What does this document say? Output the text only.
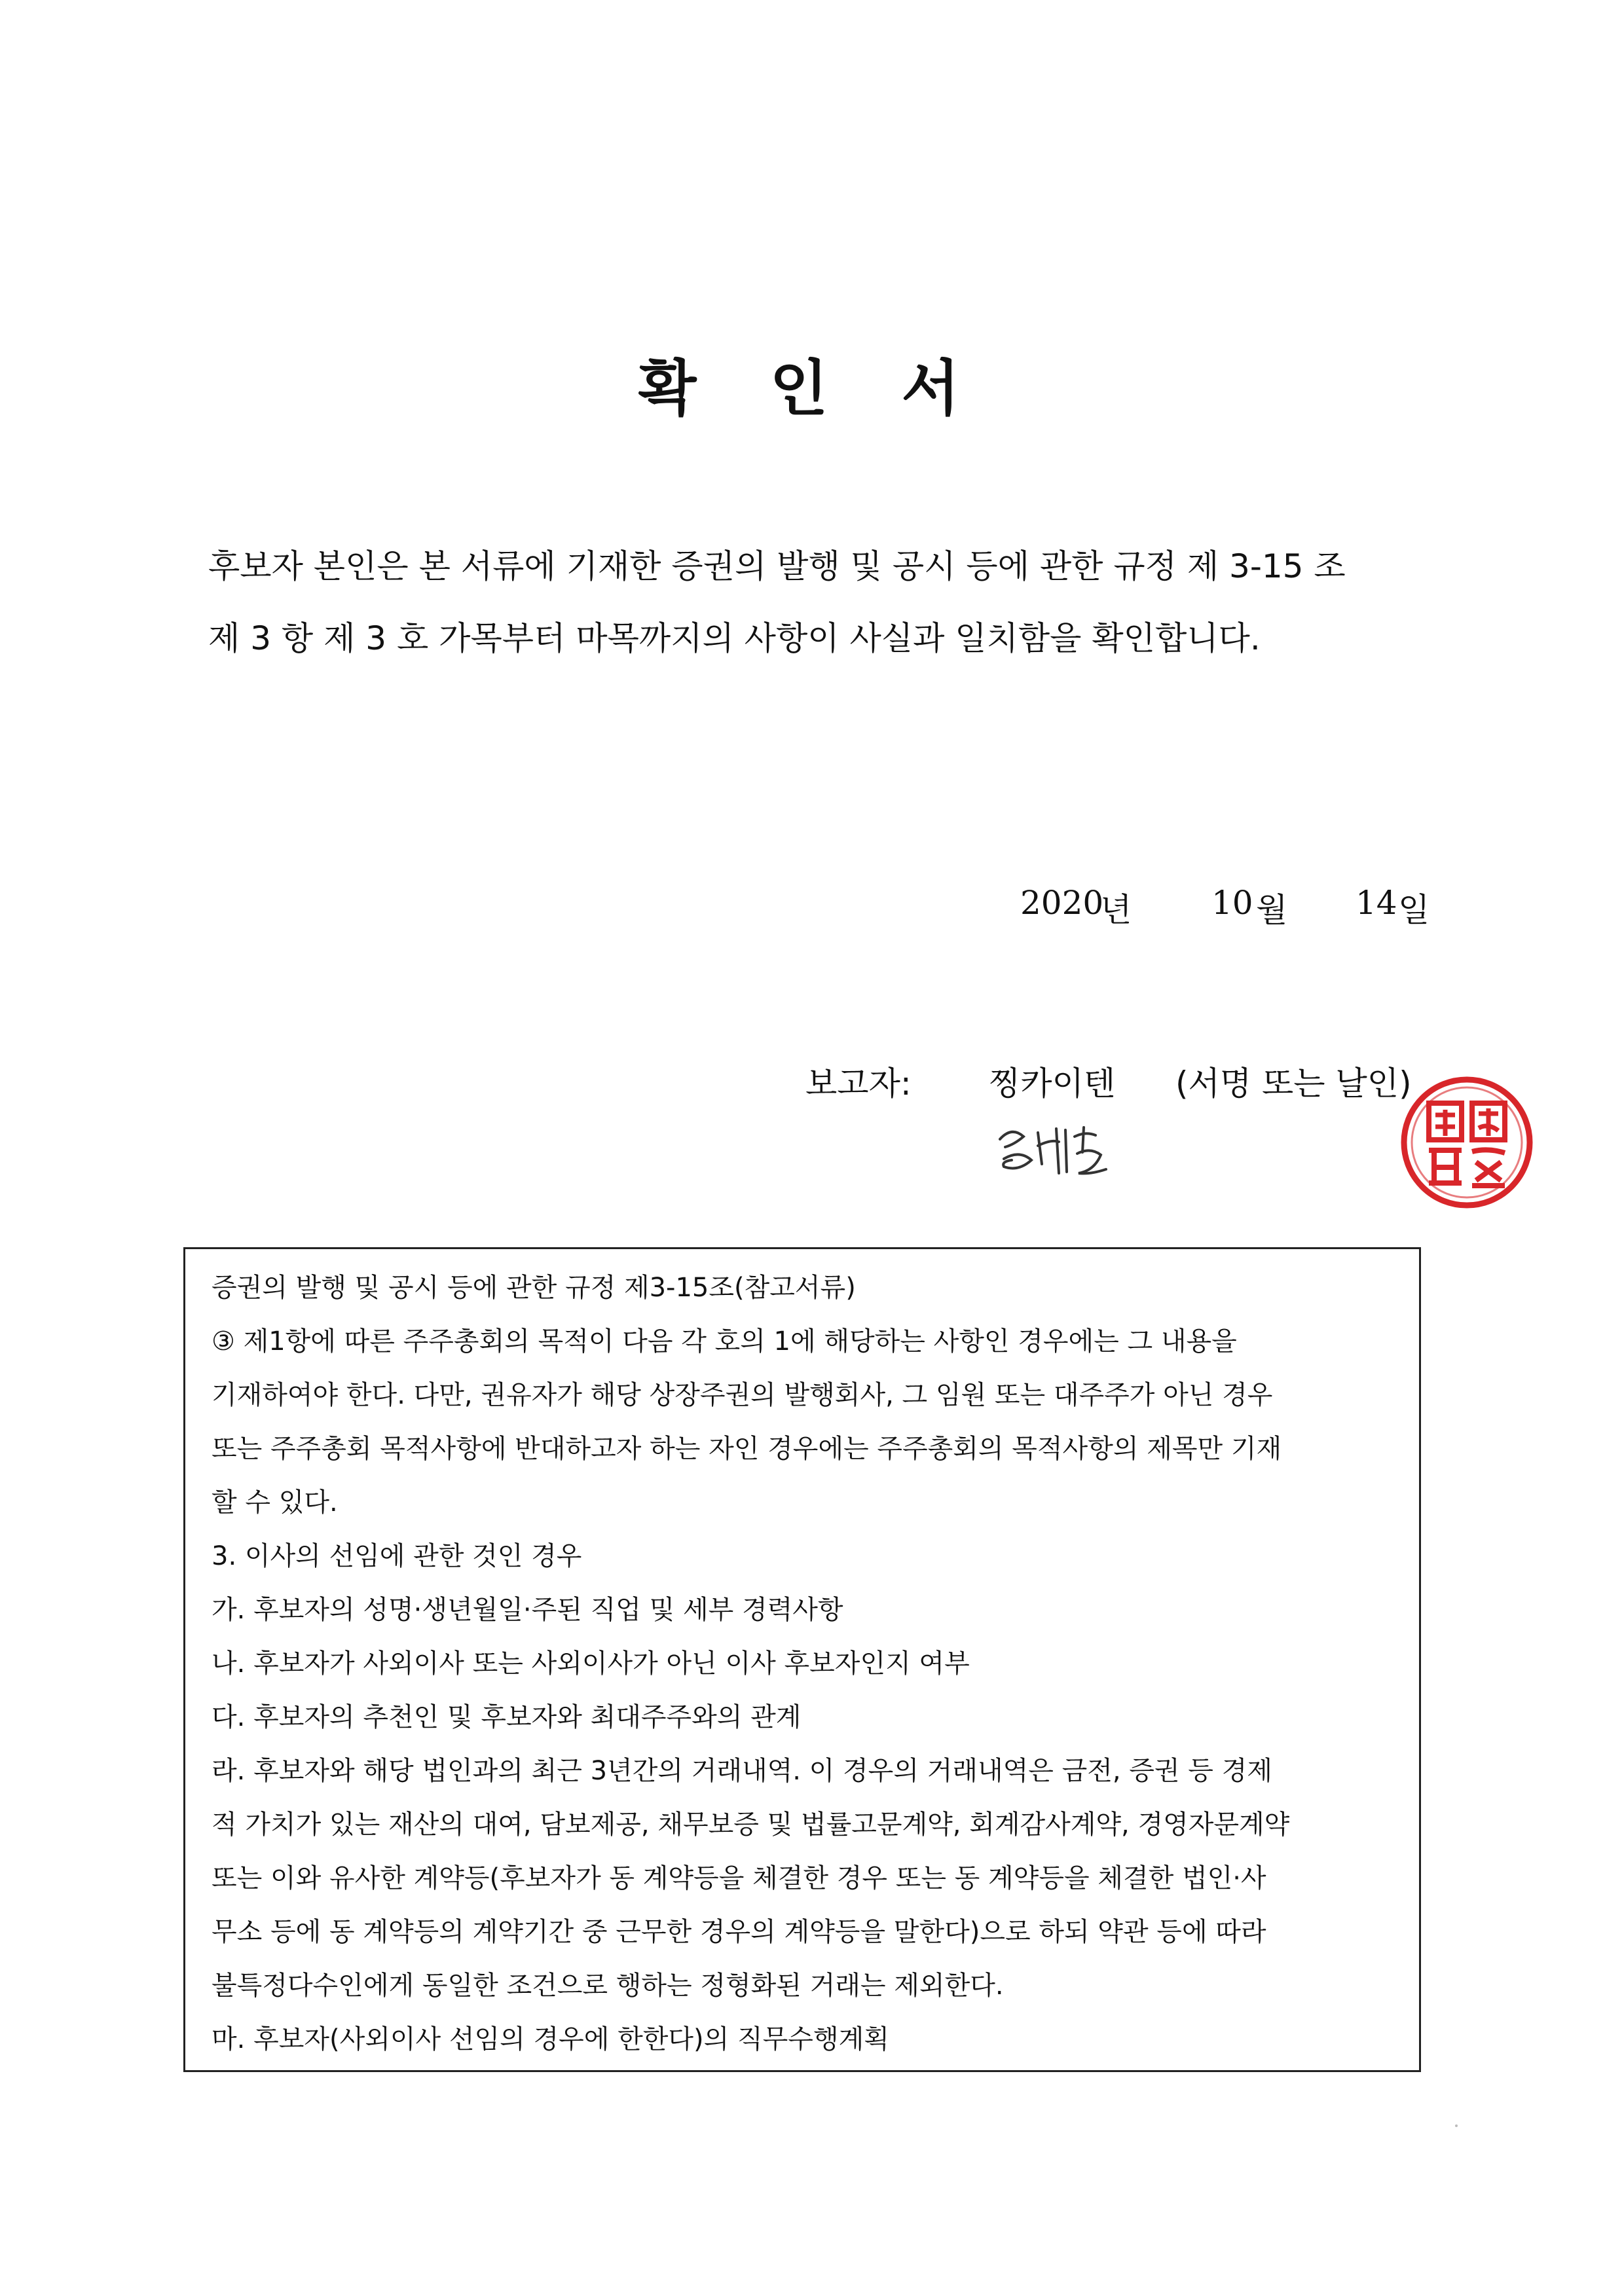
확 인 서
후보자 본인은 본 서류에 기재한 증권의 발행 및 공시 등에 관한 규정 제 3-15 조
제 3 항 제 3 호 가목부터 마목까지의 사항이 사실과 일치함을 확인합니다.
2020
년 10 월 14 일
보고자: 찡카이텐 (서명 또는 날인)
증권의 발행 및 공시 등에 관한 규정 제3-15조(참고서류)
③ 제1항에 따른 주주총회의 목적이 다음 각 호의 1에 해당하는 사항인 경우에는 그 내용을
기재하여야 한다. 다만, 권유자가 해당 상장주권의 발행회사, 그 임원 또는 대주주가 아닌 경우
또는 주주총회 목적사항에 반대하고자 하는 자인 경우에는 주주총회의 목적사항의 제목만 기재
할 수 있다.
3. 이사의 선임에 관한 것인 경우
가. 후보자의 성명·생년월일·주된 직업 및 세부 경력사항
나. 후보자가 사외이사 또는 사외이사가 아닌 이사 후보자인지 여부
다. 후보자의 추천인 및 후보자와 최대주주와의 관계
라. 후보자와 해당 법인과의 최근 3년간의 거래내역. 이 경우의 거래내역은 금전, 증권 등 경제
적 가치가 있는 재산의 대여, 담보제공, 채무보증 및 법률고문계약, 회계감사계약, 경영자문계약
또는 이와 유사한 계약등(후보자가 동 계약등을 체결한 경우 또는 동 계약등을 체결한 법인·사
무소 등에 동 계약등의 계약기간 중 근무한 경우의 계약등을 말한다)으로 하되 약관 등에 따라
불특정다수인에게 동일한 조건으로 행하는 정형화된 거래는 제외한다.
마. 후보자(사외이사 선임의 경우에 한한다)의 직무수행계획
